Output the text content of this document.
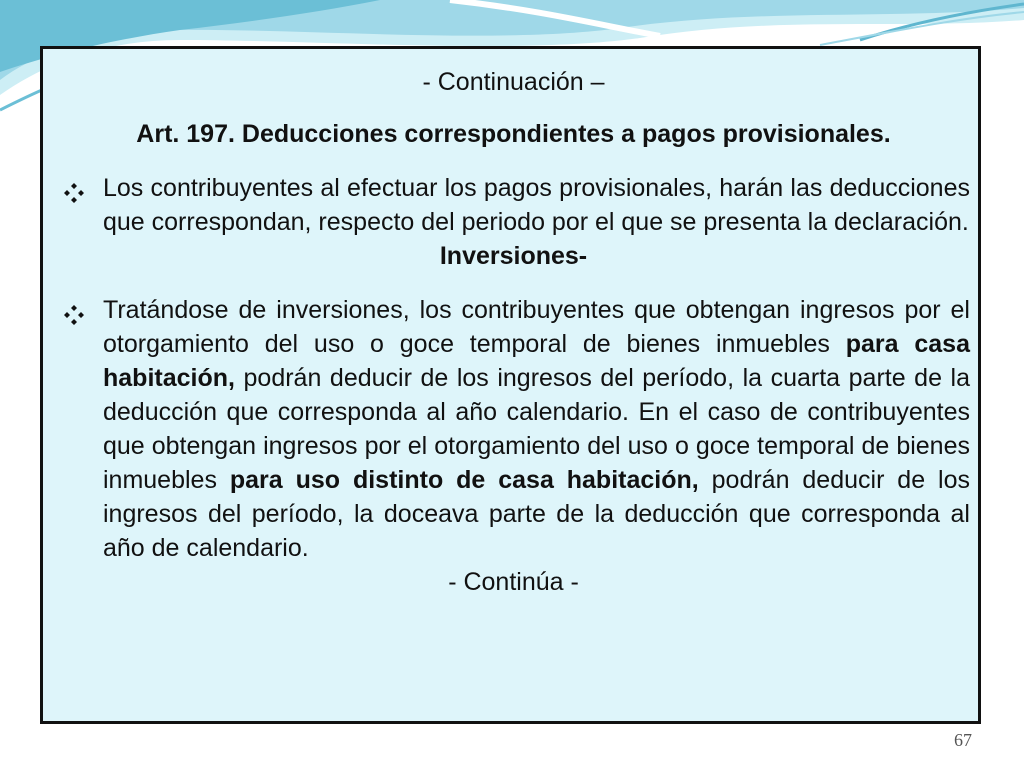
- Continuación –
Art. 197. Deducciones correspondientes a pagos provisionales.
Los contribuyentes al efectuar los pagos provisionales, harán las deducciones que correspondan, respecto del periodo por el que se presenta la declaración.
Inversiones-
Tratándose de inversiones, los contribuyentes que obtengan ingresos por el otorgamiento del uso o goce temporal de bienes inmuebles para casa habitación, podrán deducir de los ingresos del período, la cuarta parte de la deducción que corresponda al año calendario. En el caso de contribuyentes que obtengan ingresos por el otorgamiento del uso o goce temporal de bienes inmuebles para uso distinto de casa habitación, podrán deducir de los ingresos del período, la doceava parte de la deducción que corresponda al año de calendario.
- Continúa -
67
